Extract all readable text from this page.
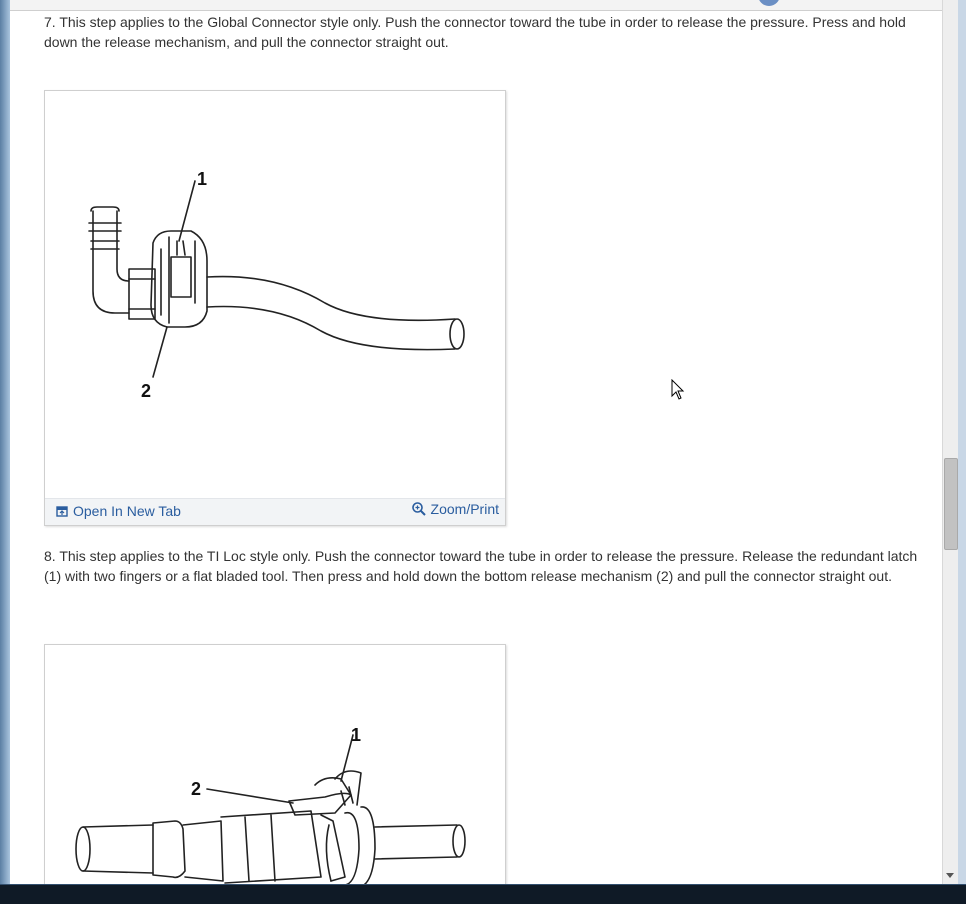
7. This step applies to the Global Connector style only. Push the connector toward the tube in order to release the pressure. Press and hold down the release mechanism, and pull the connector straight out.
1
2
Open In New Tab	Zoom/Print
8. This step applies to the TI Loc style only. Push the connector toward the tube in order to release the pressure. Release the redundant latch (1) with two fingers or a flat bladed tool. Then press and hold down the bottom release mechanism (2) and pull the connector straight out.
1
2
